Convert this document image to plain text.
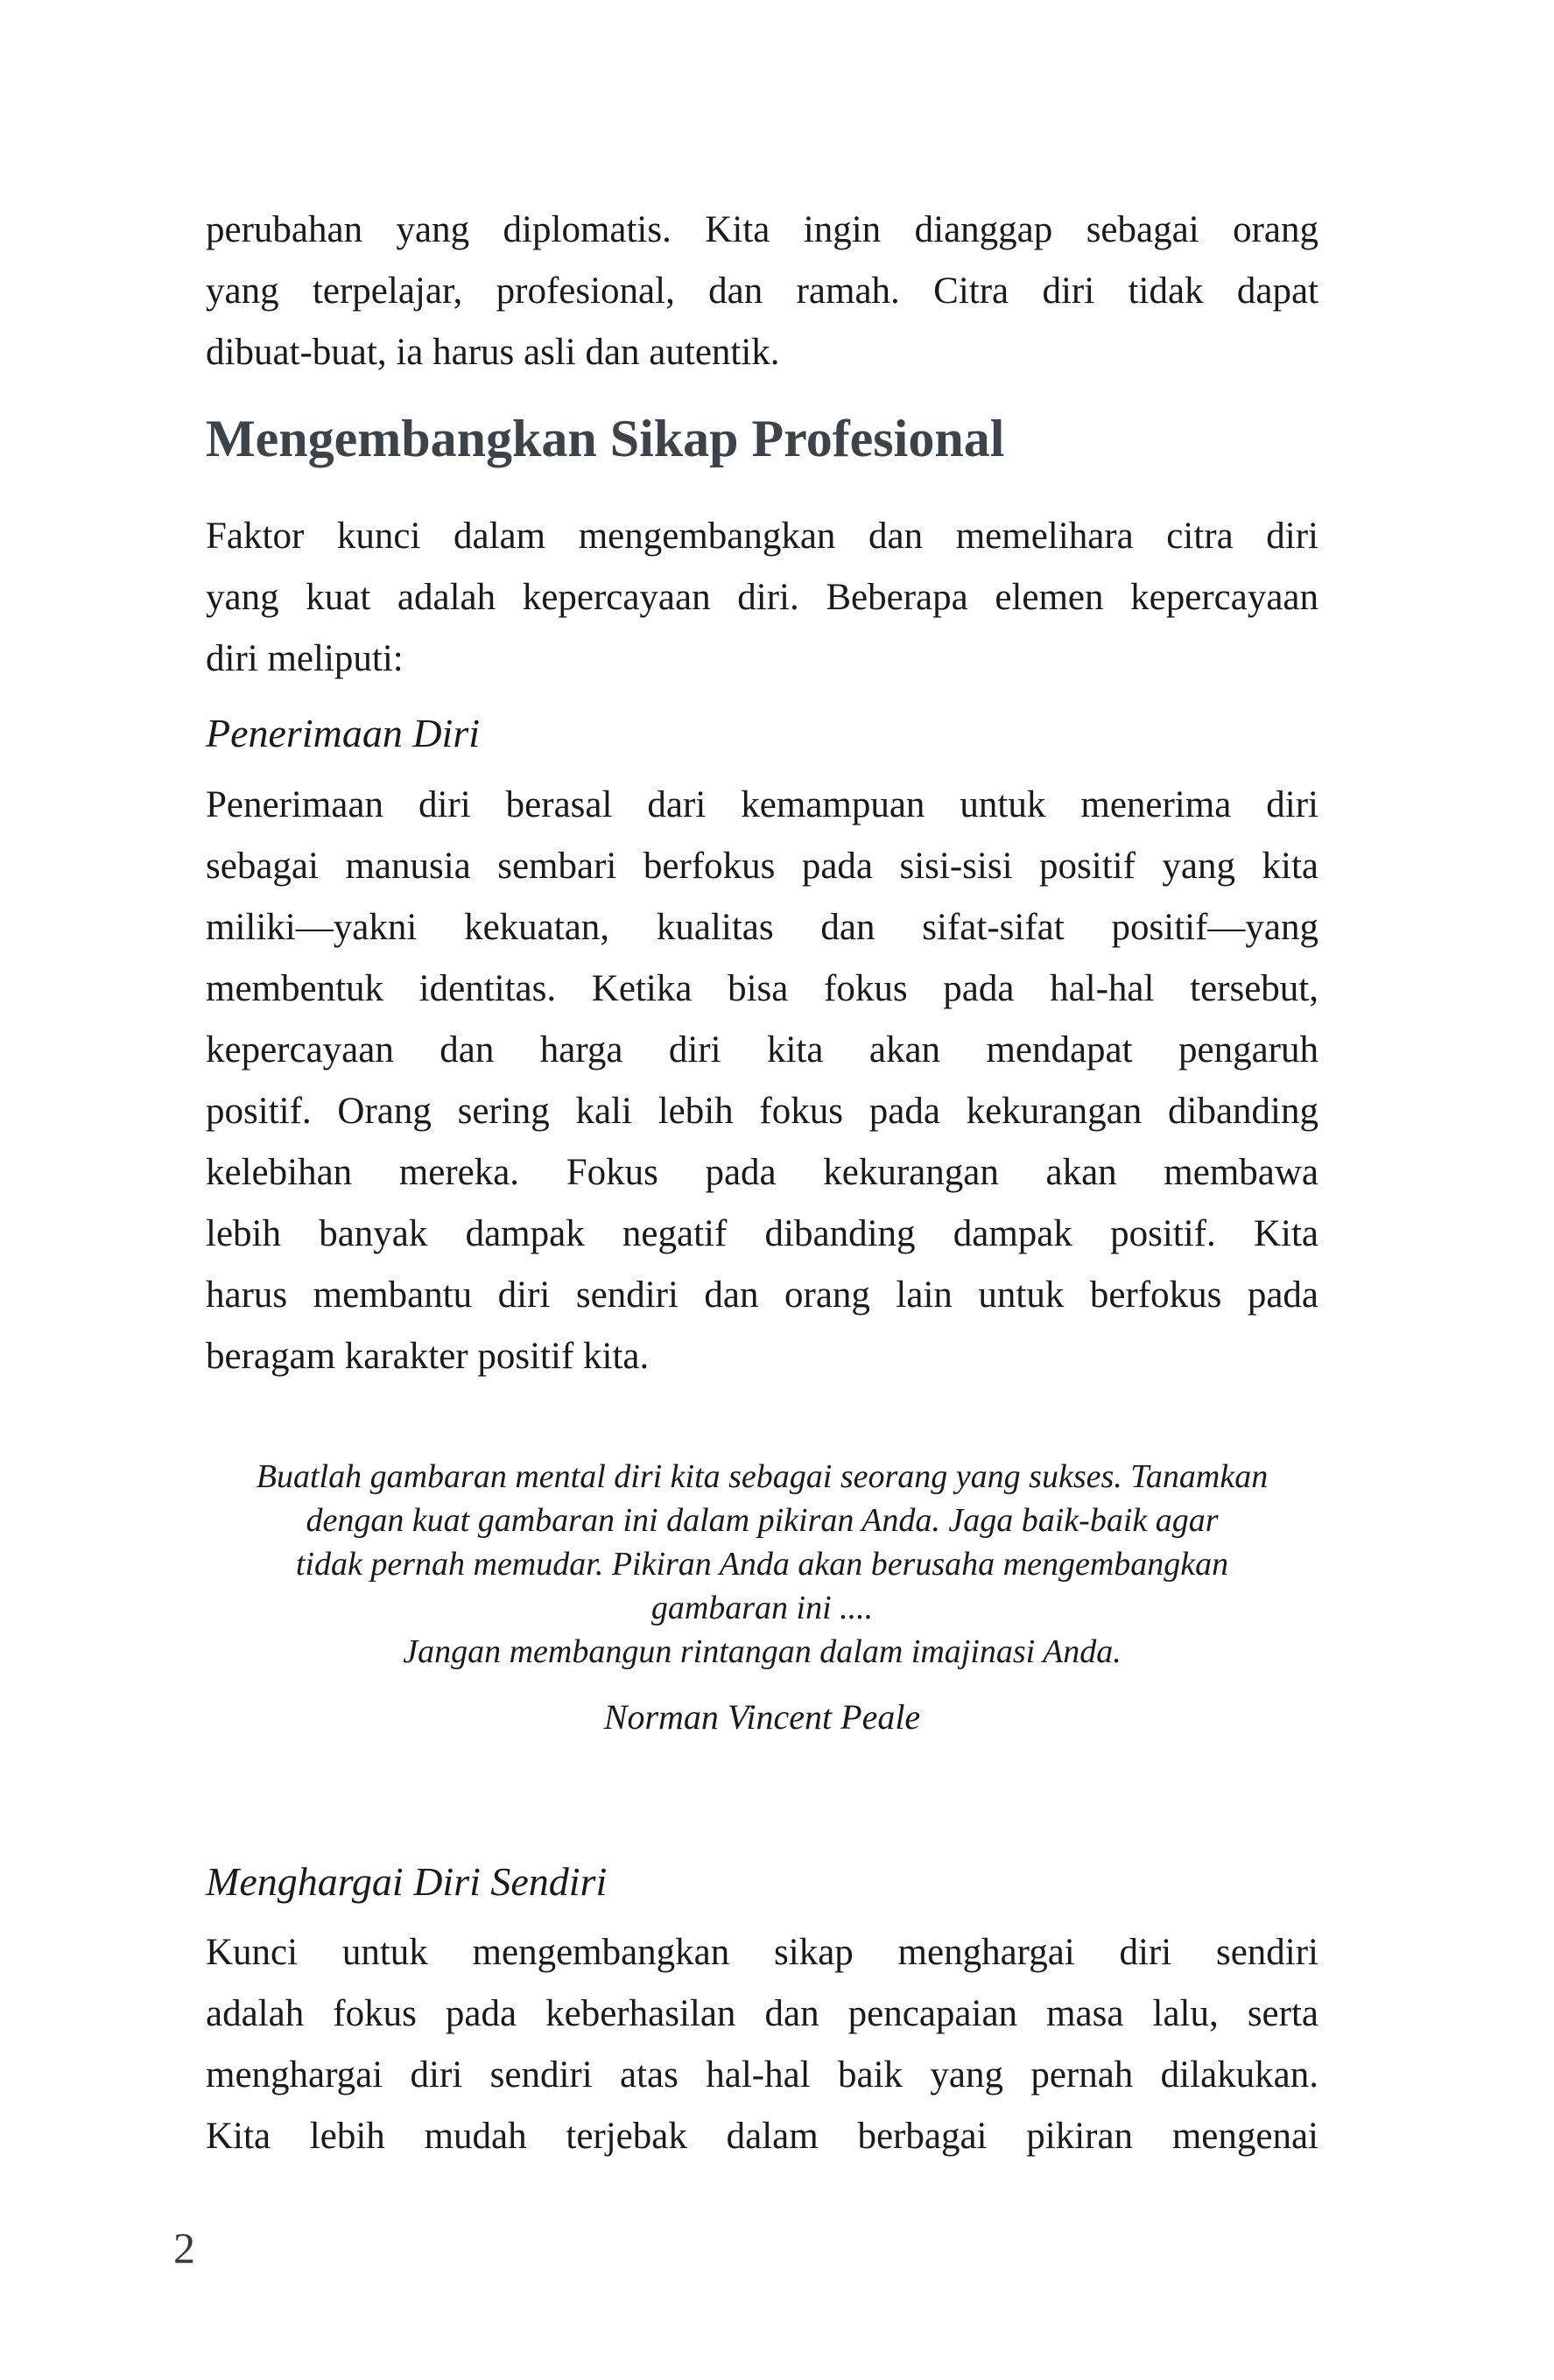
perubahan yang diplomatis. Kita ingin dianggap sebagai orang
yang terpelajar, profesional, dan ramah. Citra diri tidak dapat
dibuat-buat, ia harus asli dan autentik.
Mengembangkan Sikap Profesional
Faktor kunci dalam mengembangkan dan memelihara citra diri
yang kuat adalah kepercayaan diri. Beberapa elemen kepercayaan
diri meliputi:
Penerimaan Diri
Penerimaan diri berasal dari kemampuan untuk menerima diri
sebagai manusia sembari berfokus pada sisi-sisi positif yang kita
miliki—yakni kekuatan, kualitas dan sifat-sifat positif—yang
membentuk identitas. Ketika bisa fokus pada hal-hal tersebut,
kepercayaan dan harga diri kita akan mendapat pengaruh
positif. Orang sering kali lebih fokus pada kekurangan dibanding
kelebihan mereka. Fokus pada kekurangan akan membawa
lebih banyak dampak negatif dibanding dampak positif. Kita
harus membantu diri sendiri dan orang lain untuk berfokus pada
beragam karakter positif kita.
Buatlah gambaran mental diri kita sebagai seorang yang sukses. Tanamkan
dengan kuat gambaran ini dalam pikiran Anda. Jaga baik-baik agar
tidak pernah memudar. Pikiran Anda akan berusaha mengembangkan
gambaran ini ....
Jangan membangun rintangan dalam imajinasi Anda.
Norman Vincent Peale
Menghargai Diri Sendiri
Kunci untuk mengembangkan sikap menghargai diri sendiri
adalah fokus pada keberhasilan dan pencapaian masa lalu, serta
menghargai diri sendiri atas hal-hal baik yang pernah dilakukan.
Kita lebih mudah terjebak dalam berbagai pikiran mengenai
2
